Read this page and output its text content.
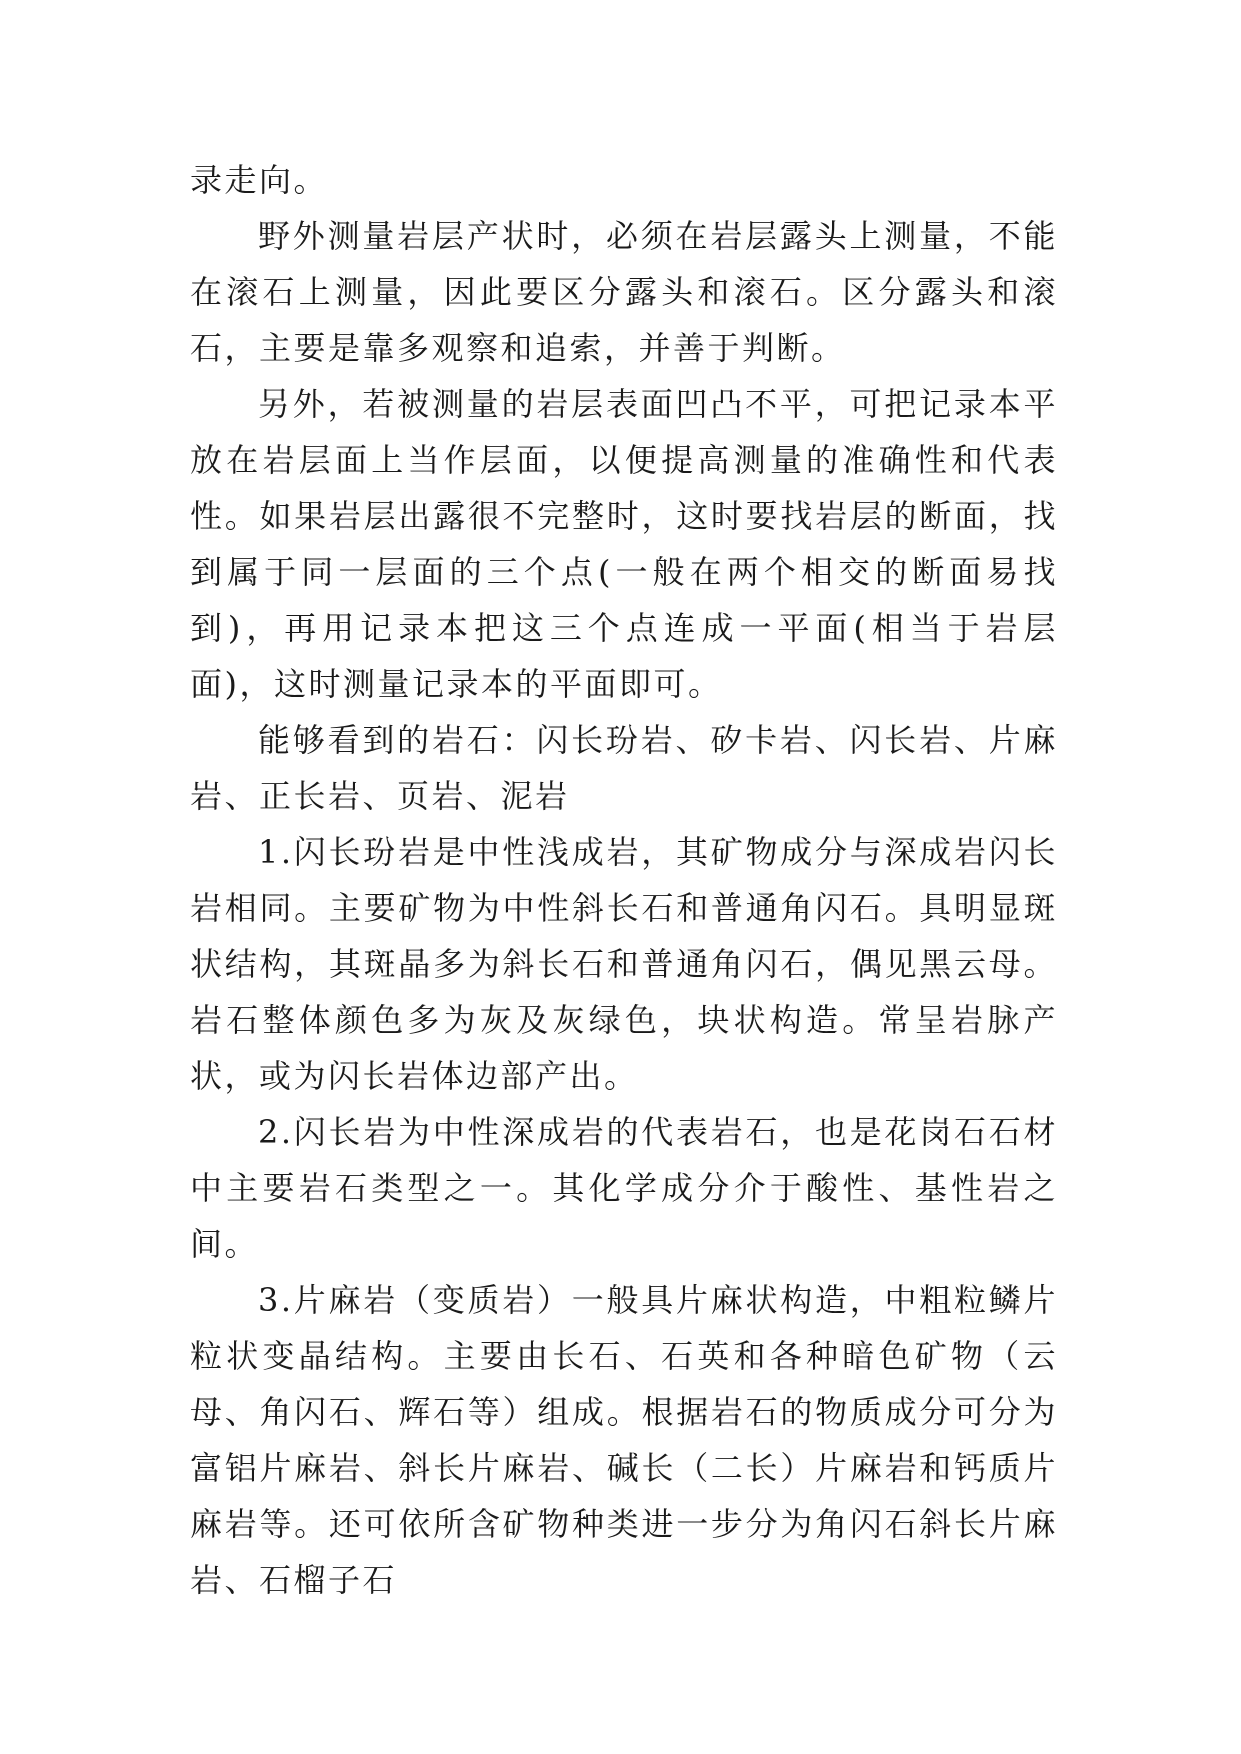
录走向。

野外测量岩层产状时，必须在岩层露头上测量，不能在滚石上测量，因此要区分露头和滚石。区分露头和滚石，主要是靠多观察和追索，并善于判断。

另外，若被测量的岩层表面凹凸不平，可把记录本平放在岩层面上当作层面，以便提高测量的准确性和代表性。如果岩层出露很不完整时，这时要找岩层的断面，找到属于同一层面的三个点(一般在两个相交的断面易找到)，再用记录本把这三个点连成一平面(相当于岩层面)，这时测量记录本的平面即可。

能够看到的岩石：闪长玢岩、矽卡岩、闪长岩、片麻岩、正长岩、页岩、泥岩

1.闪长玢岩是中性浅成岩，其矿物成分与深成岩闪长岩相同。主要矿物为中性斜长石和普通角闪石。具明显斑状结构，其斑晶多为斜长石和普通角闪石，偶见黑云母。岩石整体颜色多为灰及灰绿色，块状构造。常呈岩脉产状，或为闪长岩体边部产出。

2.闪长岩为中性深成岩的代表岩石，也是花岗石石材中主要岩石类型之一。其化学成分介于酸性、基性岩之间。

3.片麻岩（变质岩）一般具片麻状构造，中粗粒鳞片粒状变晶结构。主要由长石、石英和各种暗色矿物（云母、角闪石、辉石等）组成。根据岩石的物质成分可分为富铝片麻岩、斜长片麻岩、碱长（二长）片麻岩和钙质片麻岩等。还可依所含矿物种类进一步分为角闪石斜长片麻岩、石榴子石
